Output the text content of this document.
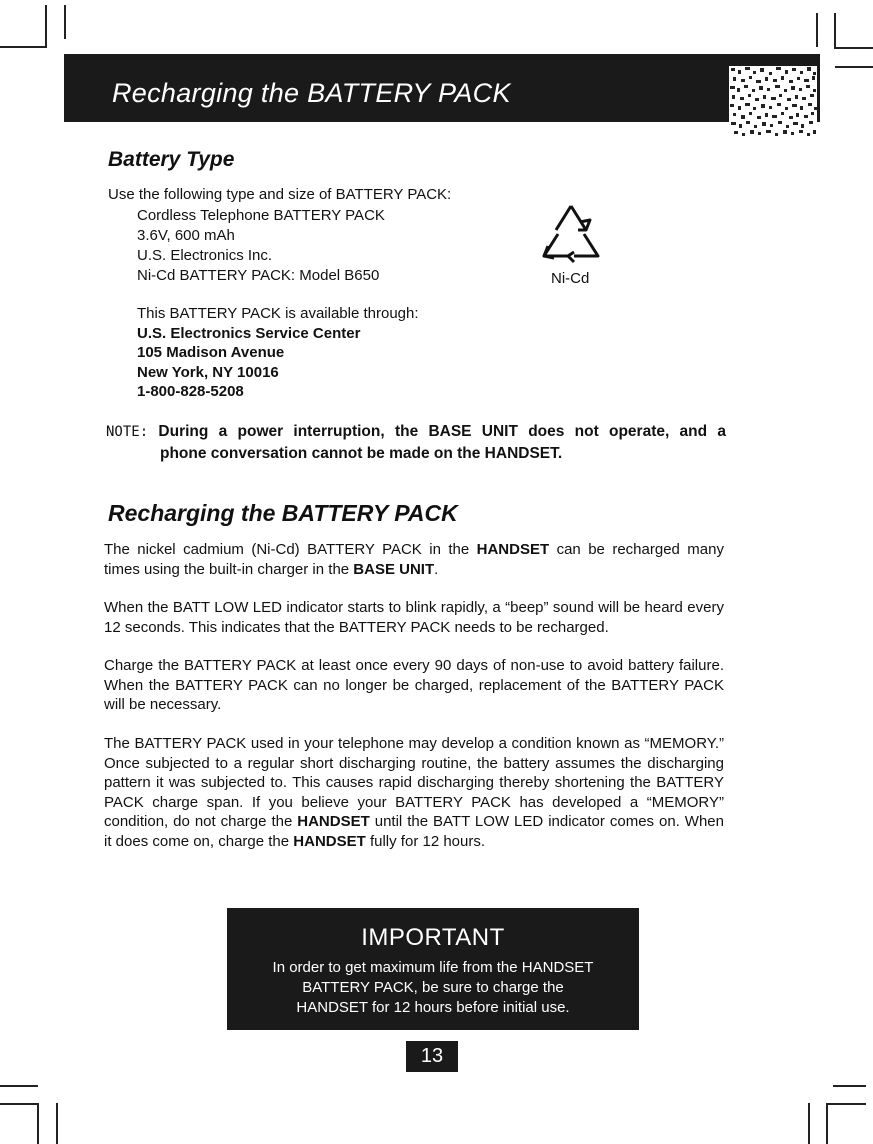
Recharging the BATTERY PACK
Battery Type
Use the following type and size of BATTERY PACK:
Cordless Telephone BATTERY PACK
3.6V, 600 mAh
U.S. Electronics Inc.
Ni-Cd BATTERY PACK: Model B650	Ni-Cd
This BATTERY PACK is available through:
U.S. Electronics Service Center
105 Madison Avenue
New York, NY 10016
1-800-828-5208
NOTE: During a power interruption, the BASE UNIT does not operate, and a
phone conversation cannot be made on the HANDSET.
Recharging the BATTERY PACK
The nickel cadmium (Ni-Cd) BATTERY PACK in the HANDSET can be recharged many times using the built-in charger in the BASE UNIT.
When the BATT LOW LED indicator starts to blink rapidly, a “beep” sound will be heard every 12 seconds. This indicates that the BATTERY PACK needs to be recharged.
Charge the BATTERY PACK at least once every 90 days of non-use to avoid battery failure. When the BATTERY PACK can no longer be charged, replacement of the BATTERY PACK will be necessary.
The BATTERY PACK used in your telephone may develop a condition known as “MEMORY.” Once subjected to a regular short discharging routine, the battery assumes the discharging pattern it was subjected to. This causes rapid discharging thereby shortening the BATTERY PACK charge span. If you believe your BATTERY PACK has developed a “MEMORY” condition, do not charge the HANDSET until the BATT LOW LED indicator comes on. When it does come on, charge the HANDSET fully for 12 hours.
IMPORTANT
In order to get maximum life from the HANDSET
BATTERY PACK, be sure to charge the
HANDSET for 12 hours before initial use.
13
